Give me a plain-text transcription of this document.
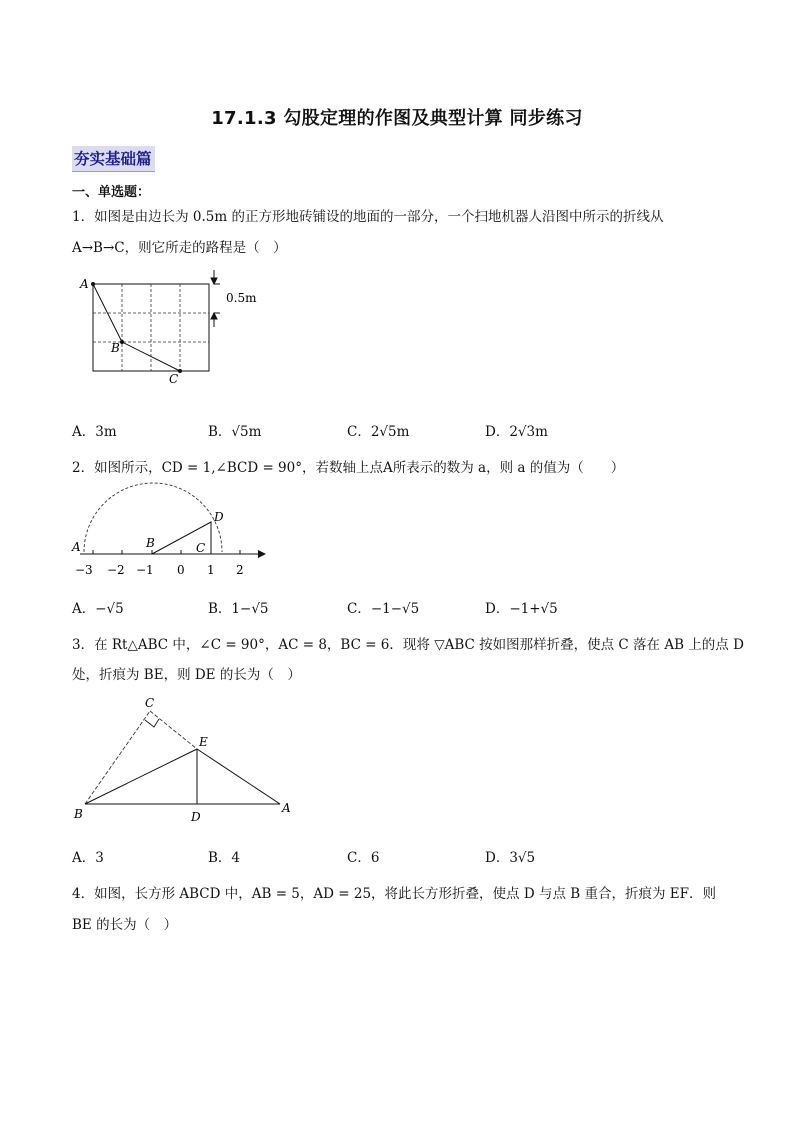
17.1.3 勾股定理的作图及典型计算 同步练习
夯实基础篇
一、单选题：
1．如图是由边长为 0.5m 的正方形地砖铺设的地面的一部分，一个扫地机器人沿图中所示的折线从
A→B→C，则它所走的路程是（　）
A
B
C
0.5m
A．3m	B．√5m	C．2√5m	D．2√3m
2．如图所示，CD = 1,∠BCD = 90°，若数轴上点A所表示的数为 a，则 a 的值为（　　）
A	B	C
D
−3 −2 −1 0 1 2
A．−√5	B．1−√5	C．−1−√5	D．−1+√5
3．在 Rt△ABC 中，∠C = 90°，AC = 8，BC = 6．现将 ▽ABC 按如图那样折叠，使点 C 落在 AB 上的点 D
处，折痕为 BE，则 DE 的长为（　）
C
E
B	D
A
A．3	B．4	C．6	D．3√5
4．如图，长方形 ABCD 中，AB = 5，AD = 25，将此长方形折叠，使点 D 与点 B 重合，折痕为 EF．则
BE 的长为（　）
